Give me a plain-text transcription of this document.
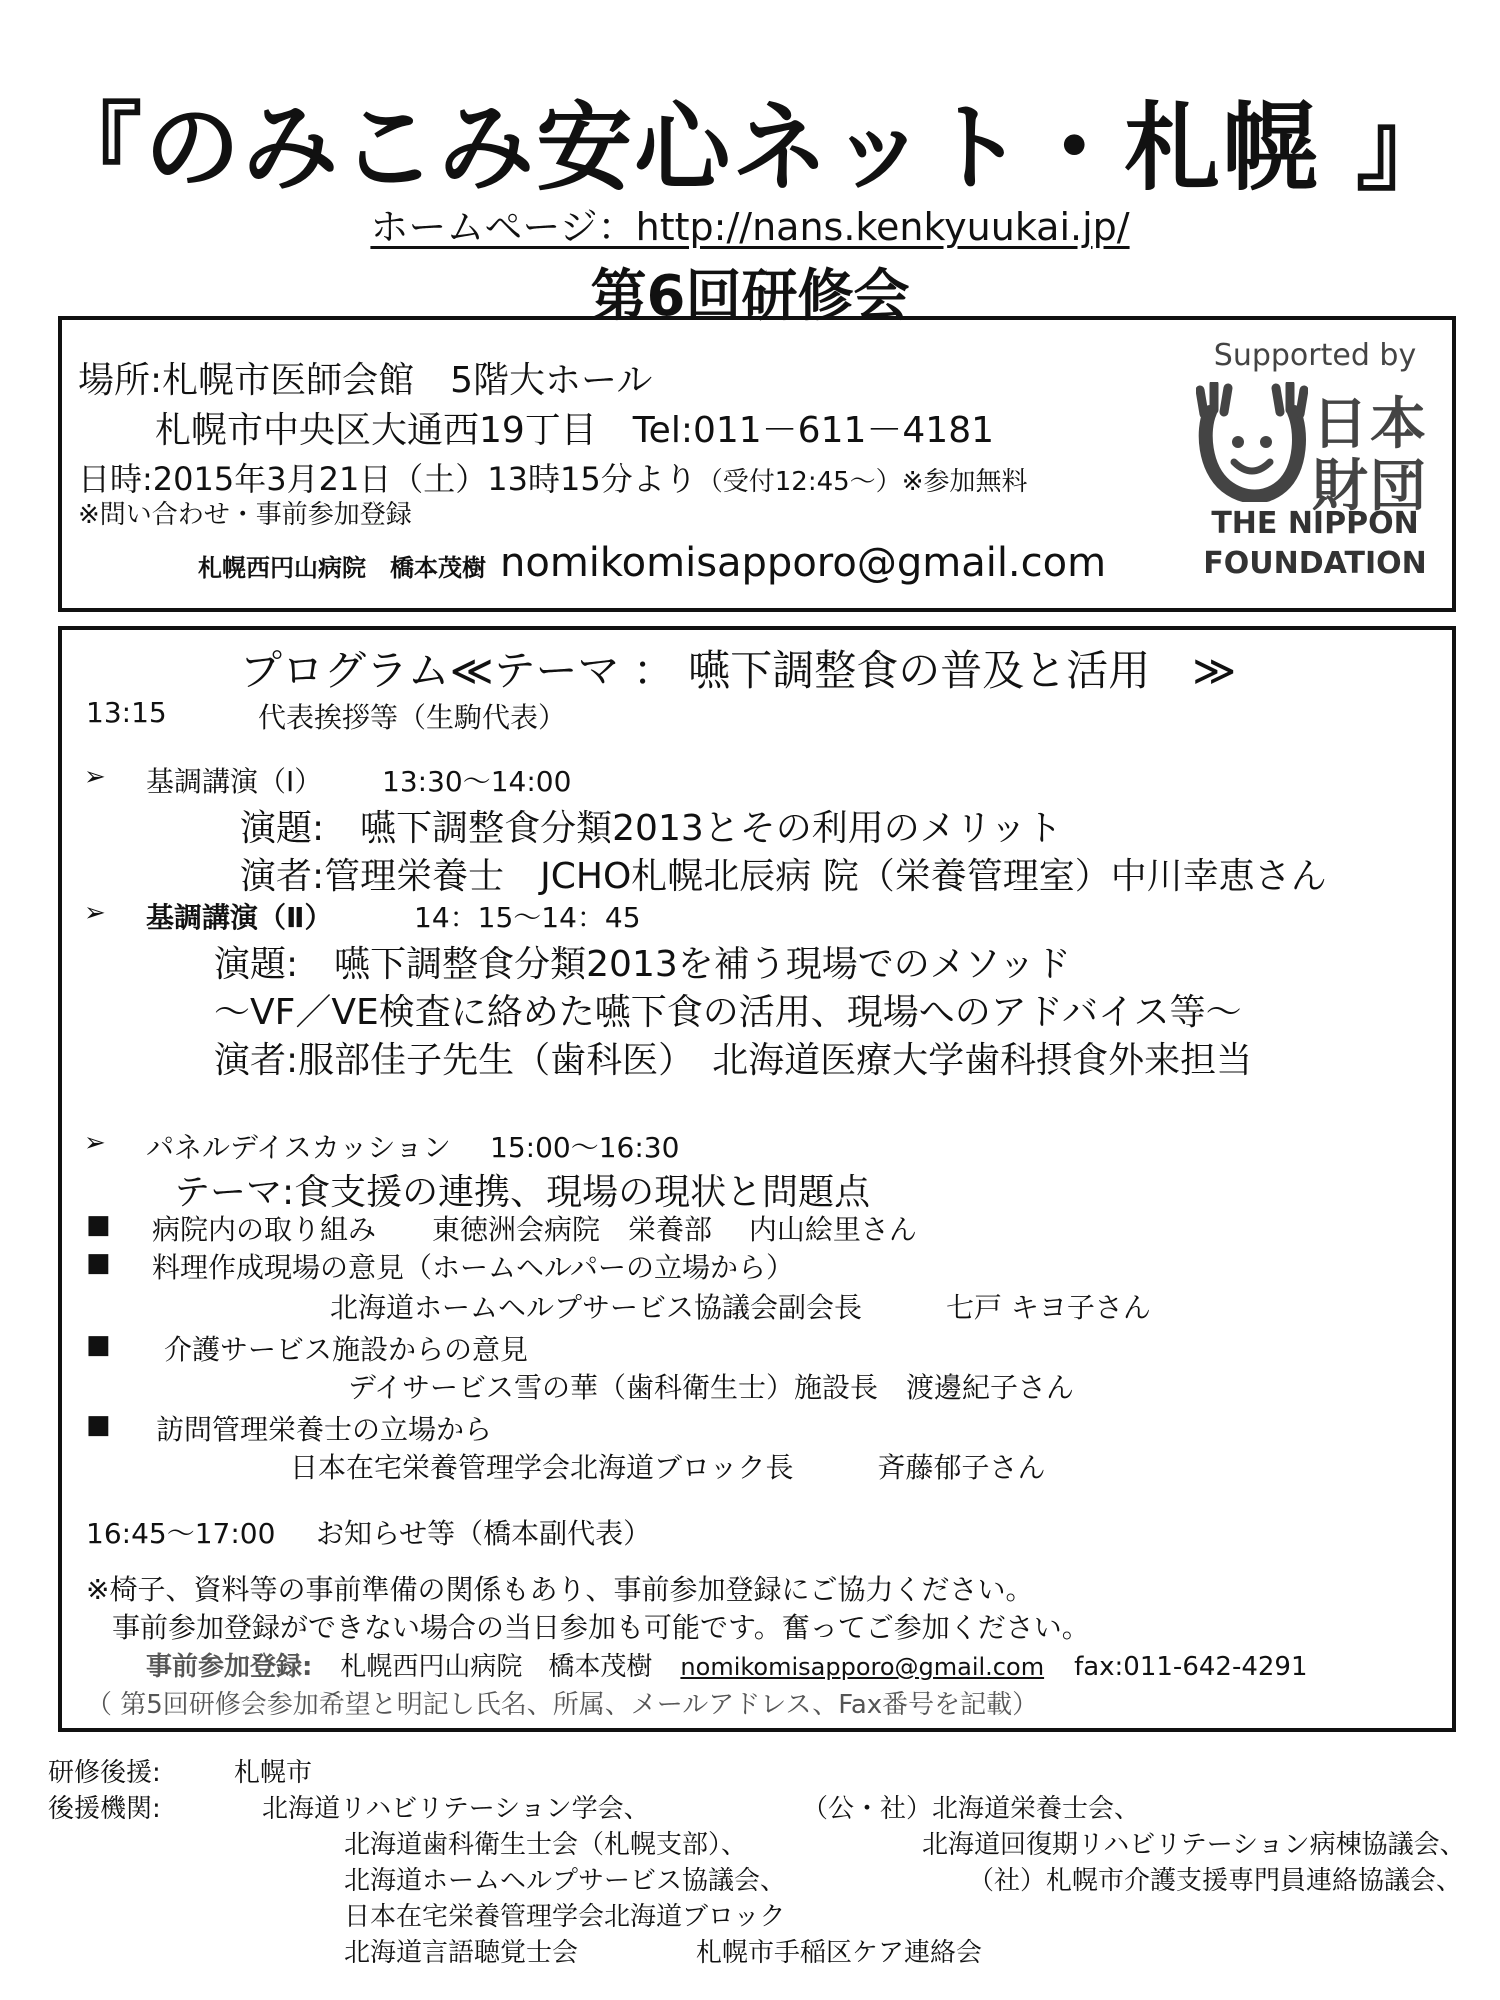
『のみこみ安心ネット・札幌 』
ホームページ：http://nans.kenkyuukai.jp/
第6回研修会
場所:札幌市医師会館　5階大ホール
札幌市中央区大通西19丁目　Tel:011－611－4181
日時:2015年3月21日（土）13時15分より（受付12:45～）※参加無料
※問い合わせ・事前参加登録
札幌西円山病院　橋本茂樹 nomikomisapporo@gmail.com
Supported by
日本
財団
THE NIPPON
FOUNDATION
プログラム≪テーマ ： 嚥下調整食の普及と活用　≫
13:15	代表挨拶等（生駒代表）
➢ 基調講演（Ⅰ） 13:30～14:00
演題:　嚥下調整食分類2013とその利用のメリット
演者:管理栄養士　JCHO札幌北辰病 院（栄養管理室）中川幸恵さん
➢ 基調講演（Ⅱ）	14：15～14：45
演題:　嚥下調整食分類2013を補う現場でのメソッド
～VF／VE検査に絡めた嚥下食の活用、現場へのアドバイス等～
演者:服部佳子先生（歯科医）　北海道医療大学歯科摂食外来担当
➢ パネルデイスカッション 15:00～16:30
テーマ:食支援の連携、現場の現状と問題点
■ 病院内の取り組み　　東徳洲会病院　栄養部　 内山絵里さん
■ 料理作成現場の意見（ホームヘルパーの立場から）
北海道ホームヘルプサービス協議会副会長　　　七戸 キヨ子さん
■ 介護サービス施設からの意見
デイサービス雪の華（歯科衛生士）施設長　渡邊紀子さん
■ 訪問管理栄養士の立場から
日本在宅栄養管理学会北海道ブロック長　　　斉藤郁子さん
16:45～17:00 お知らせ等（橋本副代表）
※椅子、資料等の事前準備の関係もあり、事前参加登録にご協力ください。
事前参加登録ができない場合の当日参加も可能です。奮ってご参加ください。
事前参加登録: 札幌西円山病院　橋本茂樹 nomikomisapporo@gmail.com fax:011-642-4291
（ 第5回研修会参加希望と明記し氏名、所属、メールアドレス、Fax番号を記載）
研修後援:	札幌市
後援機関:	北海道リハビリテーション学会、	（公・社）北海道栄養士会、
北海道歯科衛生士会（札幌支部）、	北海道回復期リハビリテーション病棟協議会、
北海道ホームヘルプサービス協議会、	（社）札幌市介護支援専門員連絡協議会、
日本在宅栄養管理学会北海道ブロック
北海道言語聴覚士会	札幌市手稲区ケア連絡会
